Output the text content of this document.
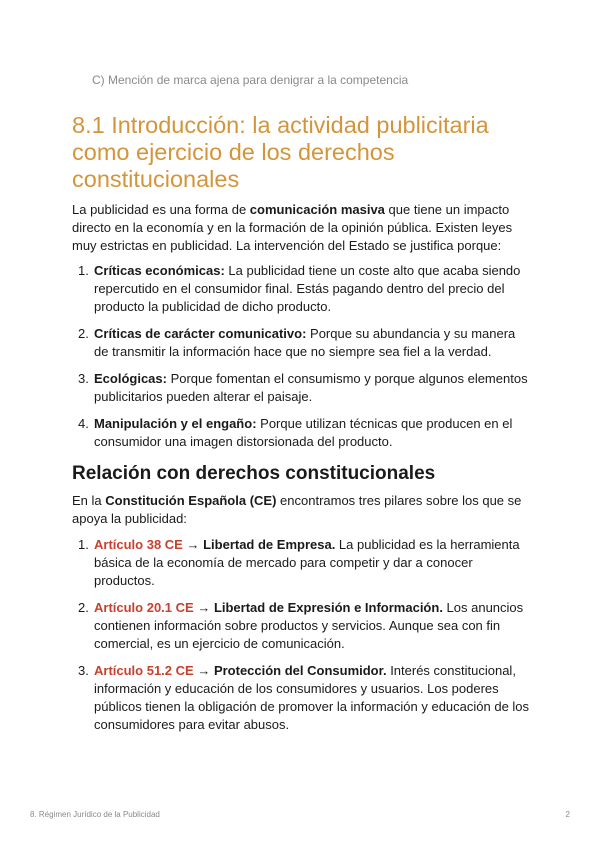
C) Mención de marca ajena para denigrar a la competencia
8.1 Introducción: la actividad publicitaria como ejercicio de los derechos constitucionales

La publicidad es una forma de comunicación masiva que tiene un impacto directo en la economía y en la formación de la opinión pública. Existen leyes muy estrictas en publicidad. La intervención del Estado se justifica porque:

1. Críticas económicas: La publicidad tiene un coste alto que acaba siendo repercutido en el consumidor final. Estás pagando dentro del precio del producto la publicidad de dicho producto.
2. Críticas de carácter comunicativo: Porque su abundancia y su manera de transmitir la información hace que no siempre sea fiel a la verdad.
3. Ecológicas: Porque fomentan el consumismo y porque algunos elementos publicitarios pueden alterar el paisaje.
4. Manipulación y el engaño: Porque utilizan técnicas que producen en el consumidor una imagen distorsionada del producto.
Relación con derechos constitucionales

En la Constitución Española (CE) encontramos tres pilares sobre los que se apoya la publicidad:

1. Artículo 38 CE → Libertad de Empresa. La publicidad es la herramienta básica de la economía de mercado para competir y dar a conocer productos.
2. Artículo 20.1 CE → Libertad de Expresión e Información. Los anuncios contienen información sobre productos y servicios. Aunque sea con fin comercial, es un ejercicio de comunicación.
3. Artículo 51.2 CE → Protección del Consumidor. Interés constitucional, información y educación de los consumidores y usuarios. Los poderes públicos tienen la obligación de promover la información y educación de los consumidores para evitar abusos.
8. Régimen Jurídico de la Publicidad	2
